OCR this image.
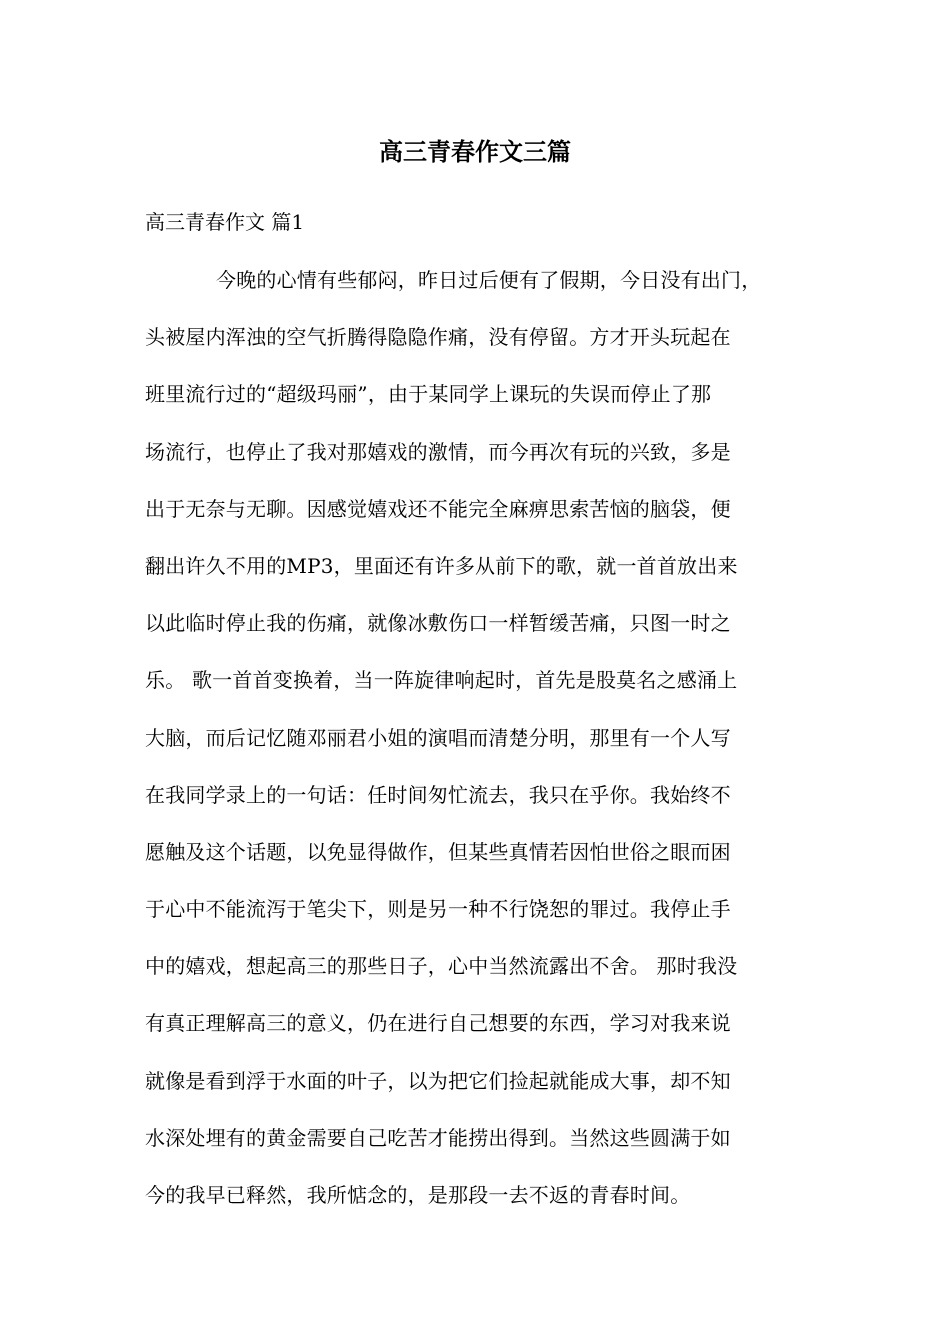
高三青春作文三篇

高三青春作文 篇1

今晚的心情有些郁闷，昨日过后便有了假期，今日没有出门，
头被屋内浑浊的空气折腾得隐隐作痛，没有停留。方才开头玩起在
班里流行过的“超级玛丽”，由于某同学上课玩的失误而停止了那
场流行，也停止了我对那嬉戏的激情，而今再次有玩的兴致，多是
出于无奈与无聊。因感觉嬉戏还不能完全麻痹思索苦恼的脑袋，便
翻出许久不用的MP3，里面还有许多从前下的歌，就一首首放出来
以此临时停止我的伤痛，就像冰敷伤口一样暂缓苦痛，只图一时之
乐。 歌一首首变换着，当一阵旋律响起时，首先是股莫名之感涌上
大脑，而后记忆随邓丽君小姐的演唱而清楚分明，那里有一个人写
在我同学录上的一句话：任时间匆忙流去，我只在乎你。我始终不
愿触及这个话题，以免显得做作，但某些真情若因怕世俗之眼而困
于心中不能流泻于笔尖下，则是另一种不行饶恕的罪过。我停止手
中的嬉戏，想起高三的那些日子，心中当然流露出不舍。 那时我没
有真正理解高三的意义，仍在进行自己想要的东西，学习对我来说
就像是看到浮于水面的叶子，以为把它们捡起就能成大事，却不知
水深处埋有的黄金需要自己吃苦才能捞出得到。当然这些圆满于如
今的我早已释然，我所惦念的，是那段一去不返的青春时间。
